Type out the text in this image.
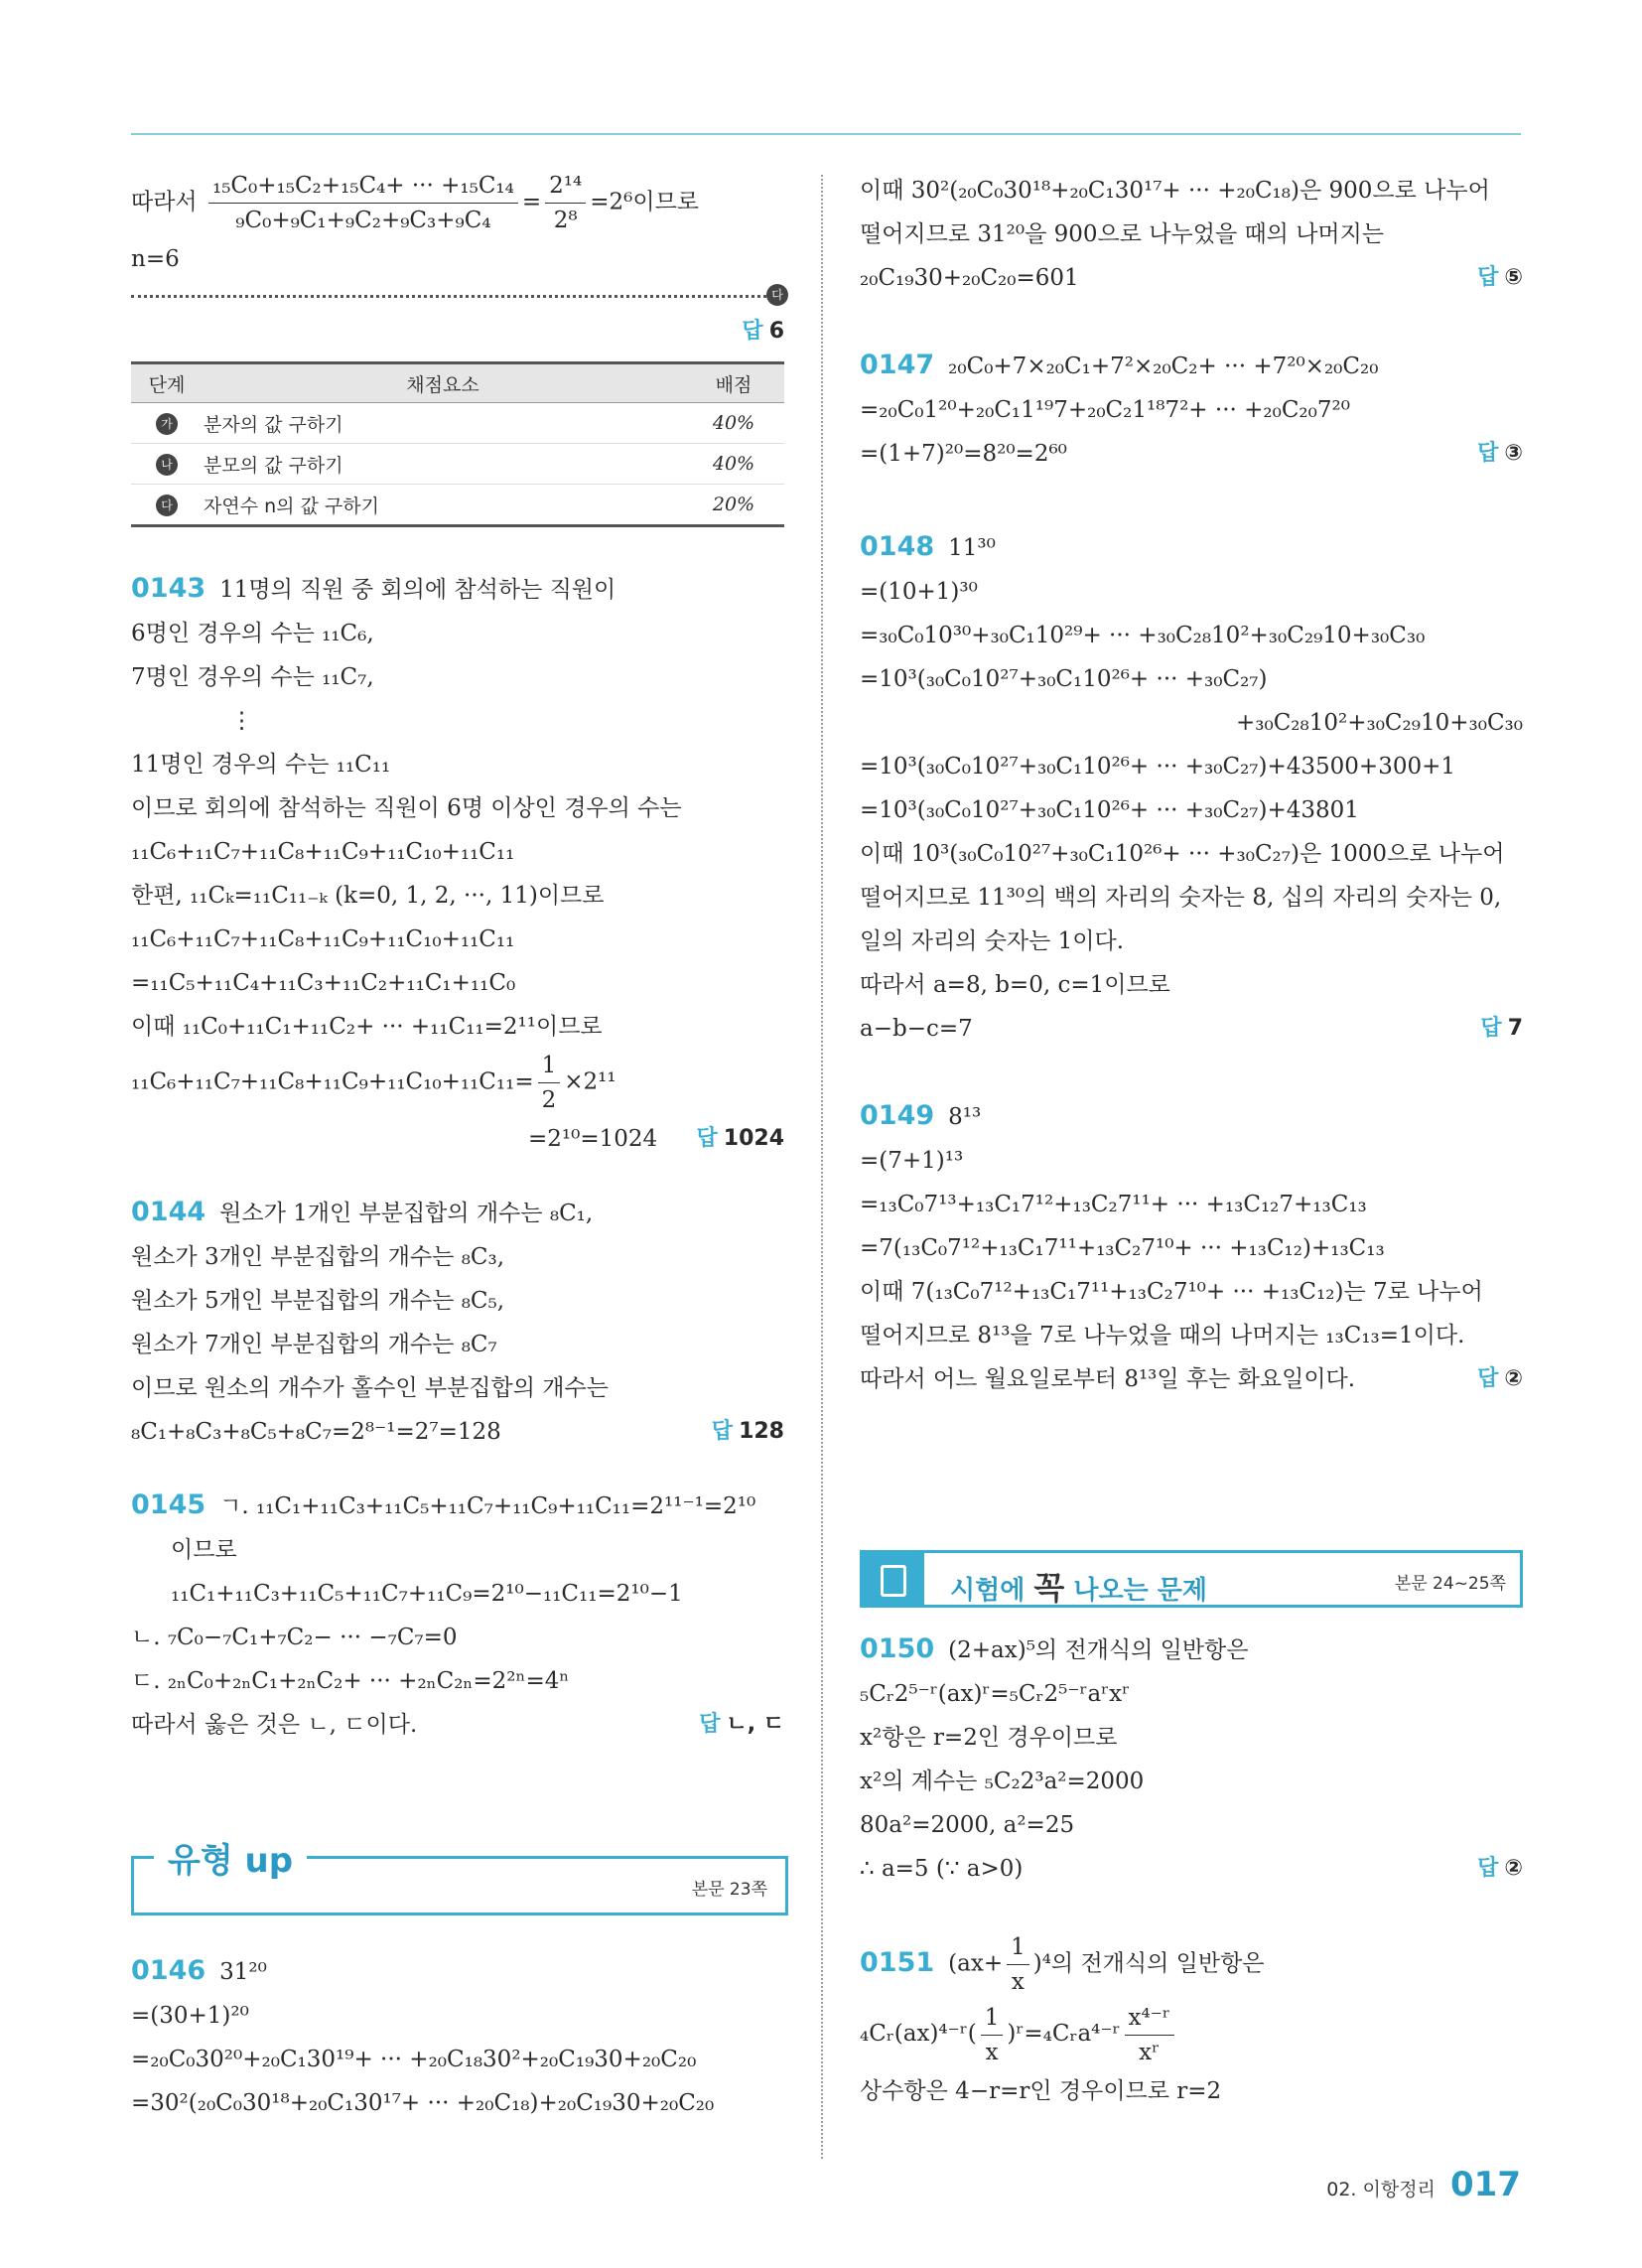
따라서 $\frac{\text{₁₅C₀+₁₅C₂+₁₅C₄+ ··· +₁₅C₁₄}}{\text{₉C₀+₉C₁+₉C₂+₉C₃+₉C₄}} = \frac{\text{2¹⁴}}{\text{2⁸}} =2^6$이므로
n=6
다
답 6
단계	채점요소	배점
가	분자의 값 구하기	40%
나	분모의 값 구하기	40%
다	자연수 n의 값 구하기	20%
0143 11명의 직원 중 회의에 참석하는 직원이
6명인 경우의 수는 ₁₁C₆,
7명인 경우의 수는 ₁₁C₇,
⋮
11명인 경우의 수는 ₁₁C₁₁
이므로 회의에 참석하는 직원이 6명 이상인 경우의 수는
₁₁C₆+₁₁C₇+₁₁C₈+₁₁C₉+₁₁C₁₀+₁₁C₁₁
한편, ₁₁Cₖ=₁₁C₁₁₋ₖ (k=0, 1, 2, ···, 11)이므로
₁₁C₆+₁₁C₇+₁₁C₈+₁₁C₉+₁₁C₁₀+₁₁C₁₁
=₁₁C₅+₁₁C₄+₁₁C₃+₁₁C₂+₁₁C₁+₁₁C₀
이때 ₁₁C₀+₁₁C₁+₁₁C₂+ ··· +₁₁C₁₁=2¹¹이므로
$_{11}C_6+_{11}C_7+_{11}C_8+_{11}C_9+_{11}C_{10}+_{11}C_{11}= \frac{1}{2} \times 2^{11}$
=2¹⁰=1024 답 1024
0144 원소가 1개인 부분집합의 개수는 ₈C₁,
원소가 3개인 부분집합의 개수는 ₈C₃,
원소가 5개인 부분집합의 개수는 ₈C₅,
원소가 7개인 부분집합의 개수는 ₈C₇
이므로 원소의 개수가 홀수인 부분집합의 개수는
₈C₁+₈C₃+₈C₅+₈C₇=2⁸⁻¹=2⁷=128	답 128
0145 ㄱ. ₁₁C₁+₁₁C₃+₁₁C₅+₁₁C₇+₁₁C₉+₁₁C₁₁=2¹¹⁻¹=2¹⁰
이므로
₁₁C₁+₁₁C₃+₁₁C₅+₁₁C₇+₁₁C₉=2¹⁰−₁₁C₁₁=2¹⁰−1
ㄴ. ₇C₀−₇C₁+₇C₂− ··· −₇C₇=0
ㄷ. ₂ₙC₀+₂ₙC₁+₂ₙC₂+ ··· +₂ₙC₂ₙ=2²ⁿ=4ⁿ
따라서 옳은 것은 ㄴ, ㄷ이다.	답 ㄴ, ㄷ
유형 up
본문 23쪽
0146 31²⁰
=(30+1)²⁰
=₂₀C₀30²⁰+₂₀C₁30¹⁹+ ··· +₂₀C₁₈30²+₂₀C₁₉30+₂₀C₂₀
=30²(₂₀C₀30¹⁸+₂₀C₁30¹⁷+ ··· +₂₀C₁₈)+₂₀C₁₉30+₂₀C₂₀
이때 30²(₂₀C₀30¹⁸+₂₀C₁30¹⁷+ ··· +₂₀C₁₈)은 900으로 나누어
떨어지므로 31²⁰을 900으로 나누었을 때의 나머지는
₂₀C₁₉30+₂₀C₂₀=601	답 ⑤
0147 ₂₀C₀+7×₂₀C₁+7²×₂₀C₂+ ··· +7²⁰×₂₀C₂₀
=₂₀C₀1²⁰+₂₀C₁1¹⁹7+₂₀C₂1¹⁸7²+ ··· +₂₀C₂₀7²⁰
=(1+7)²⁰=8²⁰=2⁶⁰	답 ③
0148 11³⁰
=(10+1)³⁰
=₃₀C₀10³⁰+₃₀C₁10²⁹+ ··· +₃₀C₂₈10²+₃₀C₂₉10+₃₀C₃₀
=10³(₃₀C₀10²⁷+₃₀C₁10²⁶+ ··· +₃₀C₂₇)
+₃₀C₂₈10²+₃₀C₂₉10+₃₀C₃₀
=10³(₃₀C₀10²⁷+₃₀C₁10²⁶+ ··· +₃₀C₂₇)+43500+300+1
=10³(₃₀C₀10²⁷+₃₀C₁10²⁶+ ··· +₃₀C₂₇)+43801
이때 10³(₃₀C₀10²⁷+₃₀C₁10²⁶+ ··· +₃₀C₂₇)은 1000으로 나누어
떨어지므로 11³⁰의 백의 자리의 숫자는 8, 십의 자리의 숫자는 0,
일의 자리의 숫자는 1이다.
따라서 a=8, b=0, c=1이므로
a−b−c=7	답 7
0149 8¹³
=(7+1)¹³
=₁₃C₀7¹³+₁₃C₁7¹²+₁₃C₂7¹¹+ ··· +₁₃C₁₂7+₁₃C₁₃
=7(₁₃C₀7¹²+₁₃C₁7¹¹+₁₃C₂7¹⁰+ ··· +₁₃C₁₂)+₁₃C₁₃
이때 7(₁₃C₀7¹²+₁₃C₁7¹¹+₁₃C₂7¹⁰+ ··· +₁₃C₁₂)는 7로 나누어
떨어지므로 8¹³을 7로 나누었을 때의 나머지는 ₁₃C₁₃=1이다.
따라서 어느 월요일로부터 8¹³일 후는 화요일이다.	답 ②
시험에 꼭 나오는 문제	본문 24~25쪽
0150 (2+ax)⁵의 전개식의 일반항은
₅Cᵣ2⁵⁻ʳ(ax)ʳ=₅Cᵣ2⁵⁻ʳaʳxʳ
x²항은 r=2인 경우이므로
x²의 계수는 ₅C₂2³a²=2000
80a²=2000, a²=25
∴ a=5 (∵ a>0)	답 ②
0151 $(ax+ \frac{1}{x} )^4$의 전개식의 일반항은
₄Cᵣ(ax)⁴⁻ʳ( $\frac{1}{x}$ )ʳ=₄Cᵣa⁴⁻ʳ $\frac{\text{x⁴⁻ʳ}}{\text{xʳ}}$
상수항은 4−r=r인 경우이므로 r=2
02. 이항정리 017
